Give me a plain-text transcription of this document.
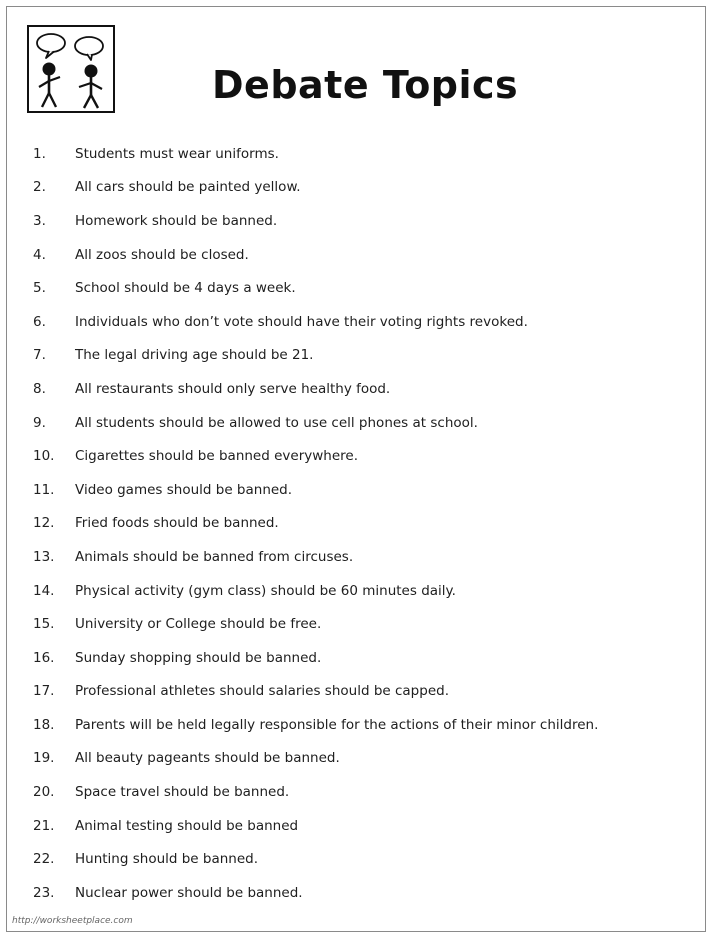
Debate Topics
1.	Students must wear uniforms.
2.	All cars should be painted yellow.
3.	Homework should be banned.
4.	All zoos should be closed.
5.	School should be 4 days a week.
6.	Individuals who don’t vote should have their voting rights revoked.
7.	The legal driving age should be 21.
8.	All restaurants should only serve healthy food.
9.	All students should be allowed to use cell phones at school.
10.	Cigarettes should be banned everywhere.
11.	Video games should be banned.
12.	Fried foods should be banned.
13.	Animals should be banned from circuses.
14.	Physical activity (gym class) should be 60 minutes daily.
15.	University or College should be free.
16.	Sunday shopping should be banned.
17.	Professional athletes should salaries should be capped.
18.	Parents will be held legally responsible for the actions of their minor children.
19.	All beauty pageants should be banned.
20.	Space travel should be banned.
21.	Animal testing should be banned
22.	Hunting should be banned.
23.	Nuclear power should be banned.
http://worksheetplace.com
